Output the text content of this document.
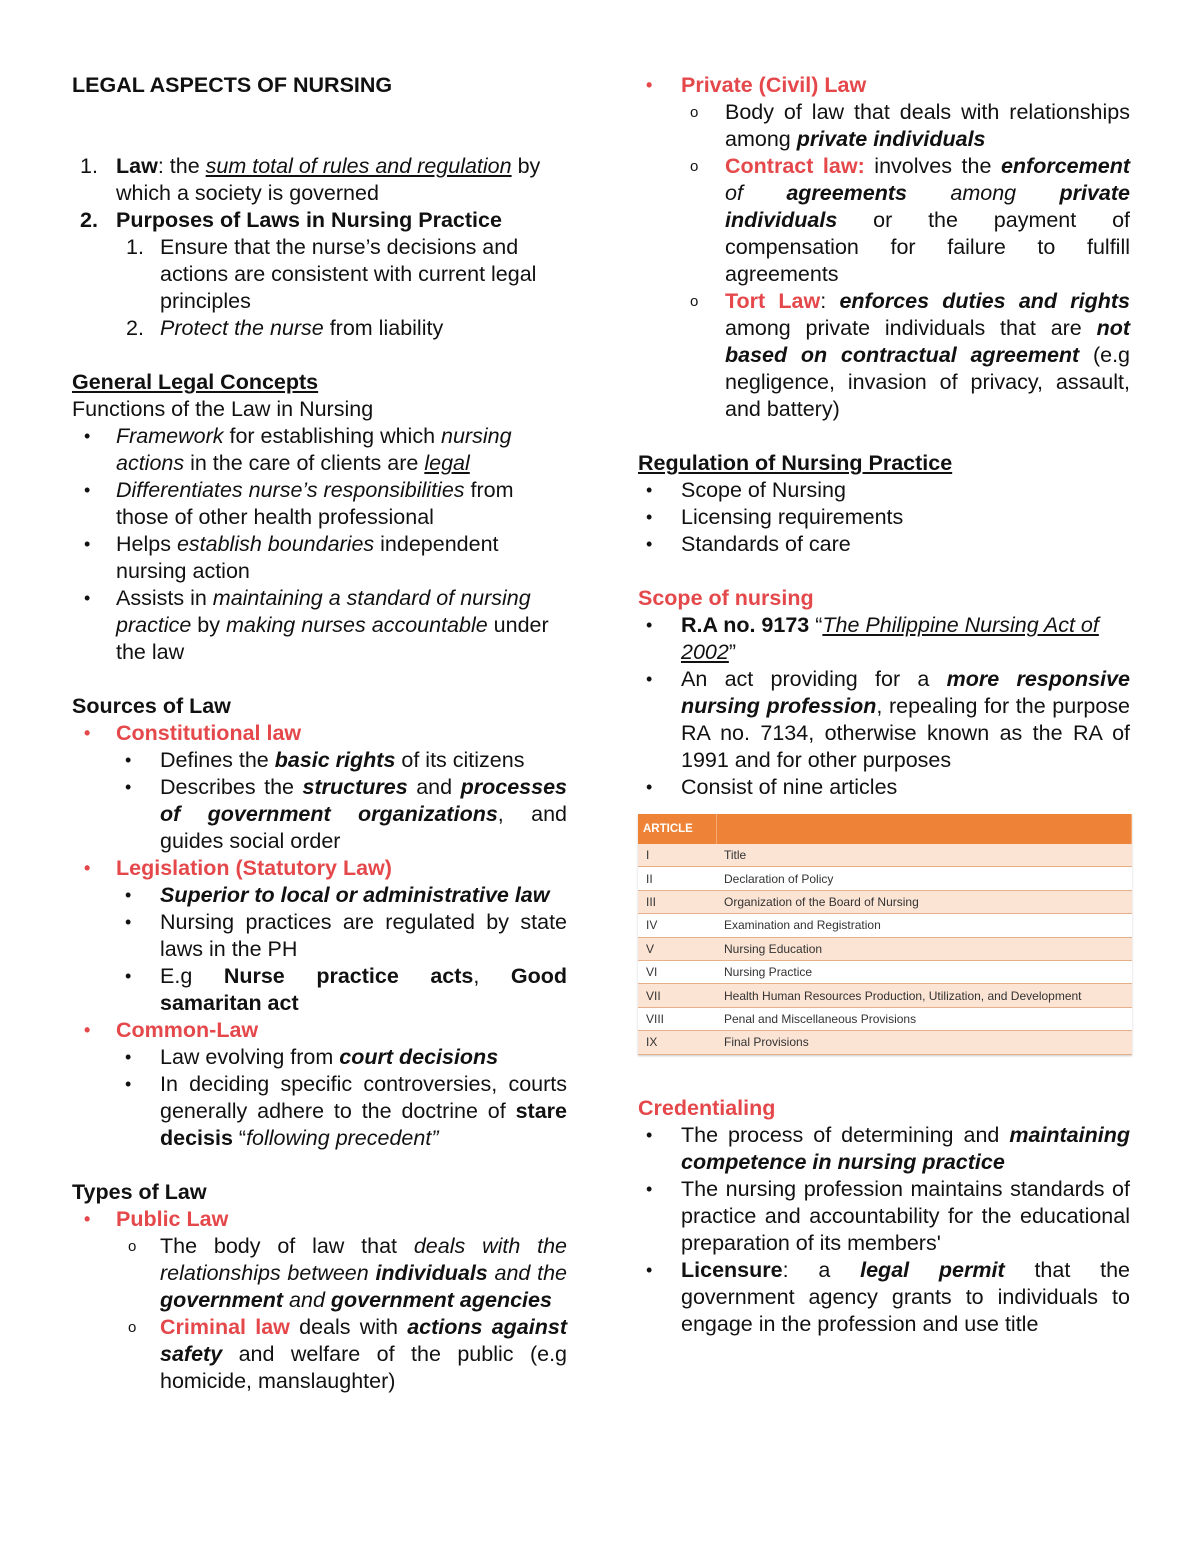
LEGAL ASPECTS OF NURSING
1. Law: the sum total of rules and regulation by which a society is governed
2. Purposes of Laws in Nursing Practice
1. Ensure that the nurse’s decisions and actions are consistent with current legal principles
2. Protect the nurse from liability
General Legal Concepts
Functions of the Law in Nursing
• Framework for establishing which nursing actions in the care of clients are legal
• Differentiates nurse’s responsibilities from those of other health professional
• Helps establish boundaries independent nursing action
• Assists in maintaining a standard of nursing practice by making nurses accountable under the law
Sources of Law
• Constitutional law
• Defines the basic rights of its citizens
• Describes the structures and processes of government organizations, and guides social order
• Legislation (Statutory Law)
• Superior to local or administrative law
• Nursing practices are regulated by state laws in the PH
• E.g Nurse practice acts, Good samaritan act
• Common-Law
• Law evolving from court decisions
• In deciding specific controversies, courts generally adhere to the doctrine of stare decisis “following precedent”
Types of Law
• Public Law
o The body of law that deals with the relationships between individuals and the government and government agencies
o Criminal law deals with actions against safety and welfare of the public (e.g homicide, manslaughter)
• Private (Civil) Law
o Body of law that deals with relationships among private individuals
o Contract law: involves the enforcement of agreements among private individuals or the payment of compensation for failure to fulfill agreements
o Tort Law: enforces duties and rights among private individuals that are not based on contractual agreement (e.g negligence, invasion of privacy, assault, and battery)
Regulation of Nursing Practice
• Scope of Nursing
• Licensing requirements
• Standards of care
Scope of nursing
• R.A no. 9173 “The Philippine Nursing Act of 2002”
• An act providing for a more responsive nursing profession, repealing for the purpose RA no. 7134, otherwise known as the RA of 1991 and for other purposes
• Consist of nine articles
ARTICLE	
I	Title
II	Declaration of Policy
III	Organization of the Board of Nursing
IV	Examination and Registration
V	Nursing Education
VI	Nursing Practice
VII	Health Human Resources Production, Utilization, and Development
VIII	Penal and Miscellaneous Provisions
IX	Final Provisions
Credentialing
• The process of determining and maintaining competence in nursing practice
• The nursing profession maintains standards of practice and accountability for the educational preparation of its members'
• Licensure: a legal permit that the government agency grants to individuals to engage in the profession and use title
